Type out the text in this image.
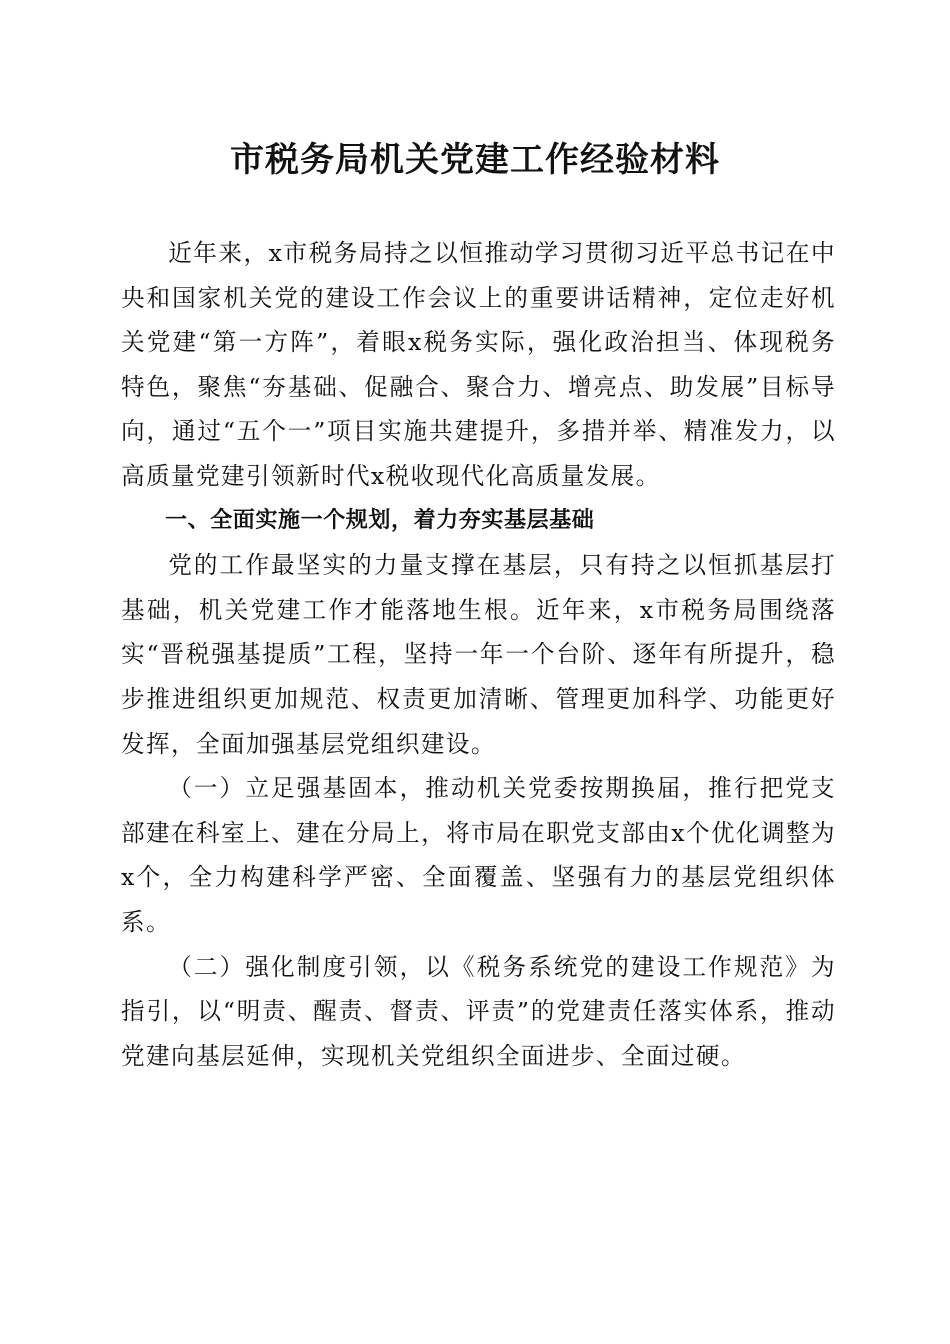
市税务局机关党建工作经验材料

近年来，x市税务局持之以恒推动学习贯彻习近平总书记在中央和国家机关党的建设工作会议上的重要讲话精神，定位走好机关党建“第一方阵”，着眼x税务实际，强化政治担当、体现税务特色，聚焦“夯基础、促融合、聚合力、增亮点、助发展”目标导向，通过“五个一”项目实施共建提升，多措并举、精准发力，以高质量党建引领新时代x税收现代化高质量发展。

一、全面实施一个规划，着力夯实基层基础

党的工作最坚实的力量支撑在基层，只有持之以恒抓基层打基础，机关党建工作才能落地生根。近年来，x市税务局围绕落实“晋税强基提质”工程，坚持一年一个台阶、逐年有所提升，稳步推进组织更加规范、权责更加清晰、管理更加科学、功能更好发挥，全面加强基层党组织建设。

（一）立足强基固本，推动机关党委按期换届，推行把党支部建在科室上、建在分局上，将市局在职党支部由x个优化调整为x个，全力构建科学严密、全面覆盖、坚强有力的基层党组织体系。

（二）强化制度引领，以《税务系统党的建设工作规范》为指引，以“明责、醒责、督责、评责”的党建责任落实体系，推动党建向基层延伸，实现机关党组织全面进步、全面过硬。
